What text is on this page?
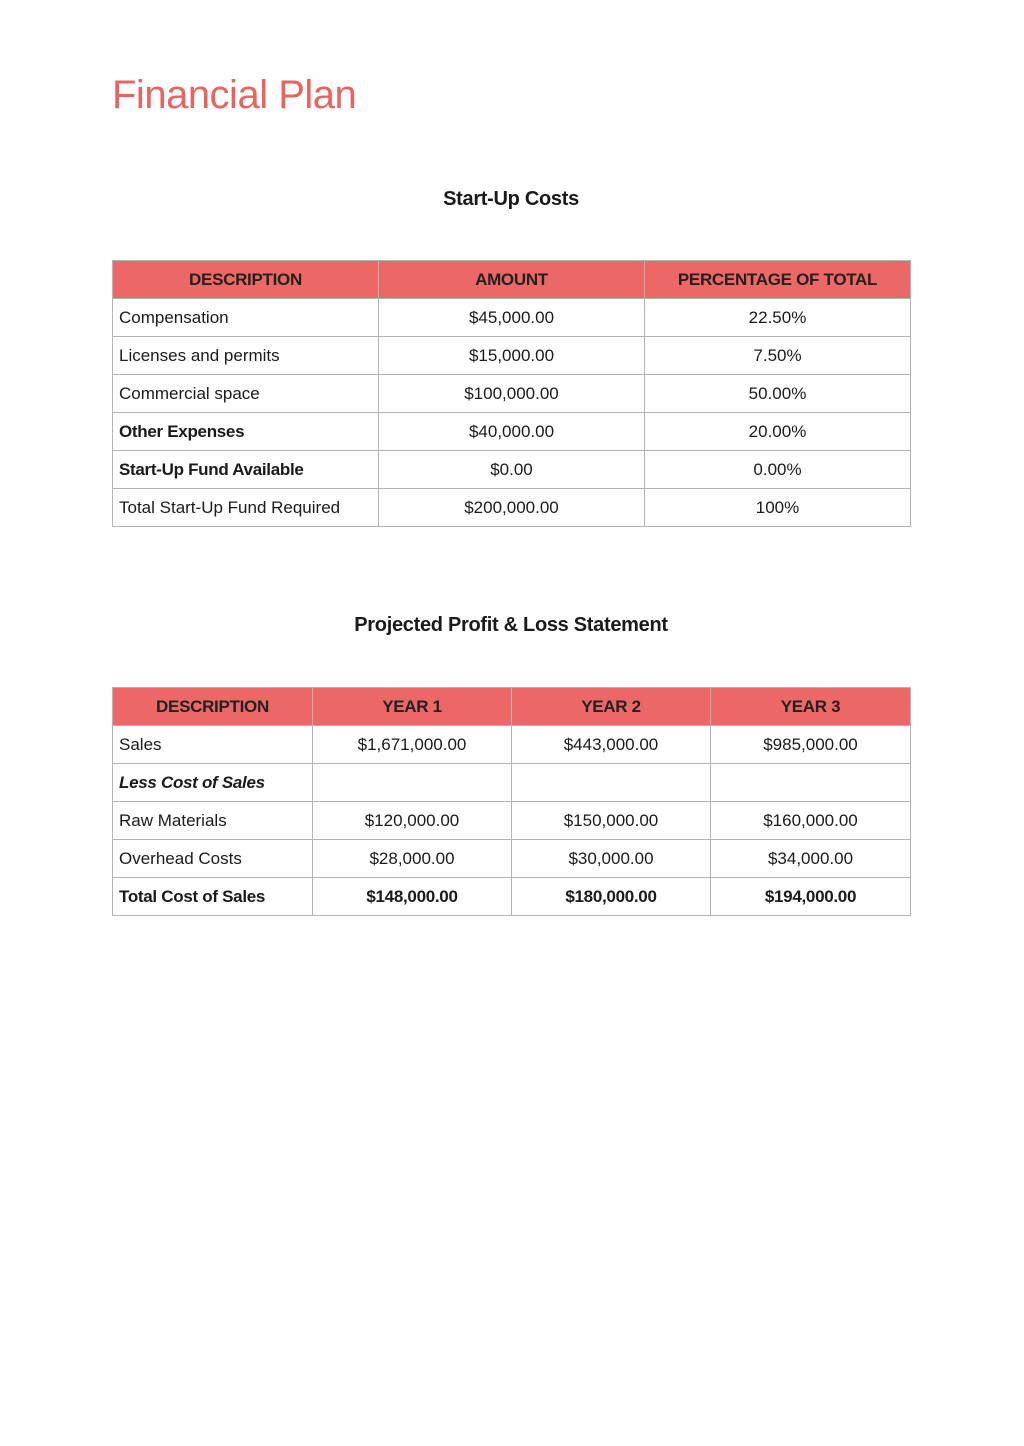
Financial Plan
Start-Up Costs
DESCRIPTION	AMOUNT	PERCENTAGE OF TOTAL
Compensation	$45,000.00	22.50%
Licenses and permits	$15,000.00	7.50%
Commercial space	$100,000.00	50.00%
Other Expenses	$40,000.00	20.00%
Start-Up Fund Available	$0.00	0.00%
Total Start-Up Fund Required	$200,000.00	100%
Projected Profit & Loss Statement
DESCRIPTION	YEAR 1	YEAR 2	YEAR 3
Sales	$1,671,000.00	$443,000.00	$985,000.00
Less Cost of Sales			
Raw Materials	$120,000.00	$150,000.00	$160,000.00
Overhead Costs	$28,000.00	$30,000.00	$34,000.00
Total Cost of Sales	$148,000.00	$180,000.00	$194,000.00
